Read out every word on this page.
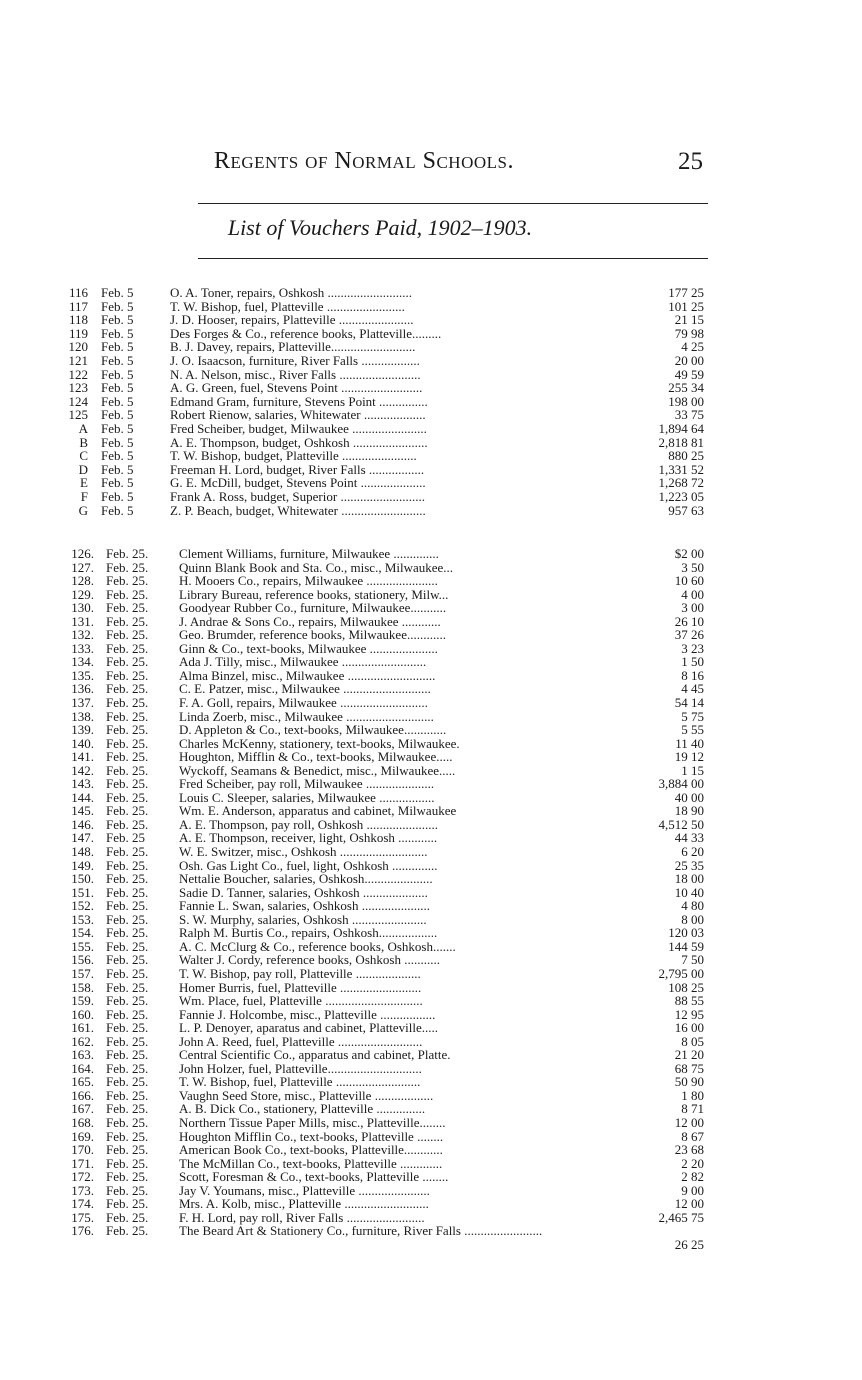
Regents of Normal Schools.	25
List of Vouchers Paid, 1902–1903.
116 Feb. 5	O. A. Toner, repairs, Oshkosh ..........................	177 25
117 Feb. 5	T. W. Bishop, fuel, Platteville ........................	101 25
118 Feb. 5	J. D. Hooser, repairs, Platteville .......................	21 15
119 Feb. 5	Des Forges & Co., reference books, Platteville.........	79 98
120 Feb. 5	B. J. Davey, repairs, Platteville..........................	4 25
121 Feb. 5	J. O. Isaacson, furniture, River Falls ..................	20 00
122 Feb. 5	N. A. Nelson, misc., River Falls .........................	49 59
123 Feb. 5	A. G. Green, fuel, Stevens Point .........................	255 34
124 Feb. 5	Edmand Gram, furniture, Stevens Point ...............	198 00
125 Feb. 5	Robert Rienow, salaries, Whitewater ...................	33 75
A Feb. 5	Fred Scheiber, budget, Milwaukee .......................	1,894 64
B Feb. 5	A. E. Thompson, budget, Oshkosh .......................	2,818 81
C Feb. 5	T. W. Bishop, budget, Platteville .......................	880 25
D Feb. 5	Freeman H. Lord, budget, River Falls .................	1,331 52
E Feb. 5	G. E. McDill, budget, Stevens Point ....................	1,268 72
F Feb. 5	Frank A. Ross, budget, Superior ..........................	1,223 05
G Feb. 5	Z. P. Beach, budget, Whitewater ..........................	957 63
126. Feb. 25. Clement Williams, furniture, Milwaukee ..............	$2 00
127. Feb. 25. Quinn Blank Book and Sta. Co., misc., Milwaukee...	3 50
128. Feb. 25. H. Mooers Co., repairs, Milwaukee ......................	10 60
129. Feb. 25. Library Bureau, reference books, stationery, Milw...	4 00
130. Feb. 25. Goodyear Rubber Co., furniture, Milwaukee...........	3 00
131. Feb. 25. J. Andrae & Sons Co., repairs, Milwaukee ............	26 10
132. Feb. 25. Geo. Brumder, reference books, Milwaukee............	37 26
133. Feb. 25. Ginn & Co., text-books, Milwaukee .....................	3 23
134. Feb. 25. Ada J. Tilly, misc., Milwaukee ..........................	1 50
135. Feb. 25. Alma Binzel, misc., Milwaukee ...........................	8 16
136. Feb. 25. C. E. Patzer, misc., Milwaukee ...........................	4 45
137. Feb. 25. F. A. Goll, repairs, Milwaukee ...........................	54 14
138. Feb. 25. Linda Zoerb, misc., Milwaukee ...........................	5 75
139. Feb. 25. D. Appleton & Co., text-books, Milwaukee.............	5 55
140. Feb. 25. Charles McKenny, stationery, text-books, Milwaukee.	11 40
141. Feb. 25. Houghton, Mifflin & Co., text-books, Milwaukee.....	19 12
142. Feb. 25. Wyckoff, Seamans & Benedict, misc., Milwaukee.....	1 15
143. Feb. 25. Fred Scheiber, pay roll, Milwaukee .....................	3,884 00
144. Feb. 25. Louis C. Sleeper, salaries, Milwaukee .................	40 00
145. Feb. 25. Wm. E. Anderson, apparatus and cabinet, Milwaukee	18 90
146. Feb. 25. A. E. Thompson, pay roll, Oshkosh ......................	4,512 50
147. Feb. 25	A. E. Thompson, receiver, light, Oshkosh ............	44 33
148. Feb. 25. W. E. Switzer, misc., Oshkosh ...........................	6 20
149. Feb. 25. Osh. Gas Light Co., fuel, light, Oshkosh ..............	25 35
150. Feb. 25. Nettalie Boucher, salaries, Oshkosh.....................	18 00
151. Feb. 25. Sadie D. Tanner, salaries, Oshkosh ....................	10 40
152. Feb. 25. Fannie L. Swan, salaries, Oshkosh .....................	4 80
153. Feb. 25. S. W. Murphy, salaries, Oshkosh .......................	8 00
154. Feb. 25. Ralph M. Burtis Co., repairs, Oshkosh..................	120 03
155. Feb. 25. A. C. McClurg & Co., reference books, Oshkosh.......	144 59
156. Feb. 25. Walter J. Cordy, reference books, Oshkosh ...........	7 50
157. Feb. 25. T. W. Bishop, pay roll, Platteville ....................	2,795 00
158. Feb. 25. Homer Burris, fuel, Platteville .........................	108 25
159. Feb. 25. Wm. Place, fuel, Platteville ..............................	88 55
160. Feb. 25. Fannie J. Holcombe, misc., Platteville .................	12 95
161. Feb. 25. L. P. Denoyer, aparatus and cabinet, Platteville.....	16 00
162. Feb. 25. John A. Reed, fuel, Platteville ..........................	8 05
163. Feb. 25. Central Scientific Co., apparatus and cabinet, Platte.	21 20
164. Feb. 25. John Holzer, fuel, Platteville.............................	68 75
165. Feb. 25. T. W. Bishop, fuel, Platteville ..........................	50 90
166. Feb. 25. Vaughn Seed Store, misc., Platteville ..................	1 80
167. Feb. 25. A. B. Dick Co., stationery, Platteville ...............	8 71
168. Feb. 25. Northern Tissue Paper Mills, misc., Platteville........	12 00
169. Feb. 25. Houghton Mifflin Co., text-books, Platteville ........	8 67
170. Feb. 25. American Book Co., text-books, Platteville............	23 68
171. Feb. 25. The McMillan Co., text-books, Platteville .............	2 20
172. Feb. 25. Scott, Foresman & Co., text-books, Platteville ........	2 82
173. Feb. 25. Jay V. Youmans, misc., Platteville ......................	9 00
174. Feb. 25. Mrs. A. Kolb, misc., Platteville ..........................	12 00
175. Feb. 25. F. H. Lord, pay roll, River Falls ........................	2,465 75
176. Feb. 25. The Beard Art & Stationery Co., furniture, River Falls ........................
26 25
